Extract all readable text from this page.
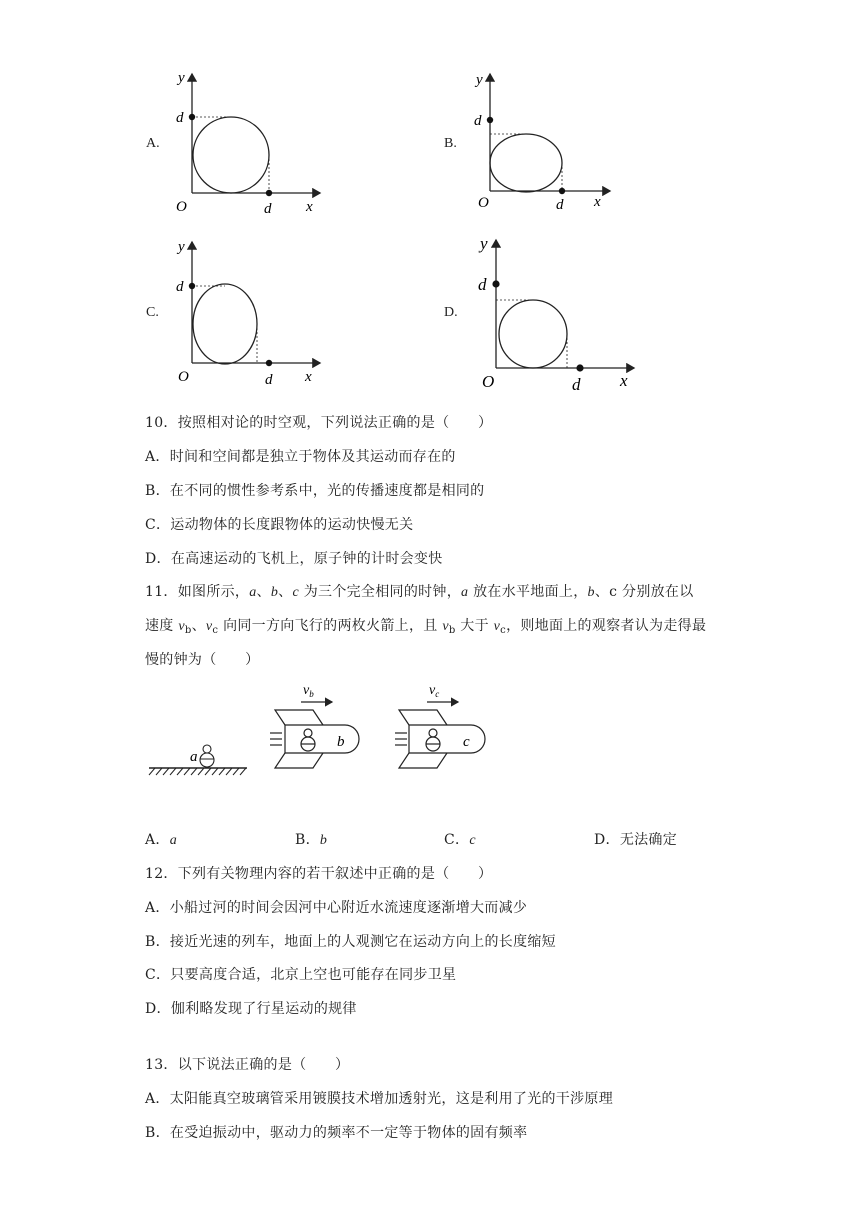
A.	B.
C.	D.
y
d
O	d x
y
d
O	d x
y
d
O	d x
y
d
O	d x
10．按照相对论的时空观，下列说法正确的是（　　）
A．时间和空间都是独立于物体及其运动而存在的
B．在不同的惯性参考系中，光的传播速度都是相同的
C．运动物体的长度跟物体的运动快慢无关
D．在高速运动的飞机上，原子钟的计时会变快
11．如图所示，a、b、c 为三个完全相同的时钟，a 放在水平地面上，b、c 分别放在以
速度 $v_b$、$v_c$ 向同一方向飞行的两枚火箭上，且 $v_b$ 大于 $v_c$，则地面上的观察者认为走得最
慢的钟为（　　）
a
b
$v_b$
c
$v_c$
A．a	B．b	C．c	D．无法确定
12．下列有关物理内容的若干叙述中正确的是（　　）
A．小船过河的时间会因河中心附近水流速度逐渐增大而减少
B．接近光速的列车，地面上的人观测它在运动方向上的长度缩短
C．只要高度合适，北京上空也可能存在同步卫星
D．伽利略发现了行星运动的规律
13．以下说法正确的是（　　）
A．太阳能真空玻璃管采用镀膜技术增加透射光，这是利用了光的干涉原理
B．在受迫振动中，驱动力的频率不一定等于物体的固有频率
